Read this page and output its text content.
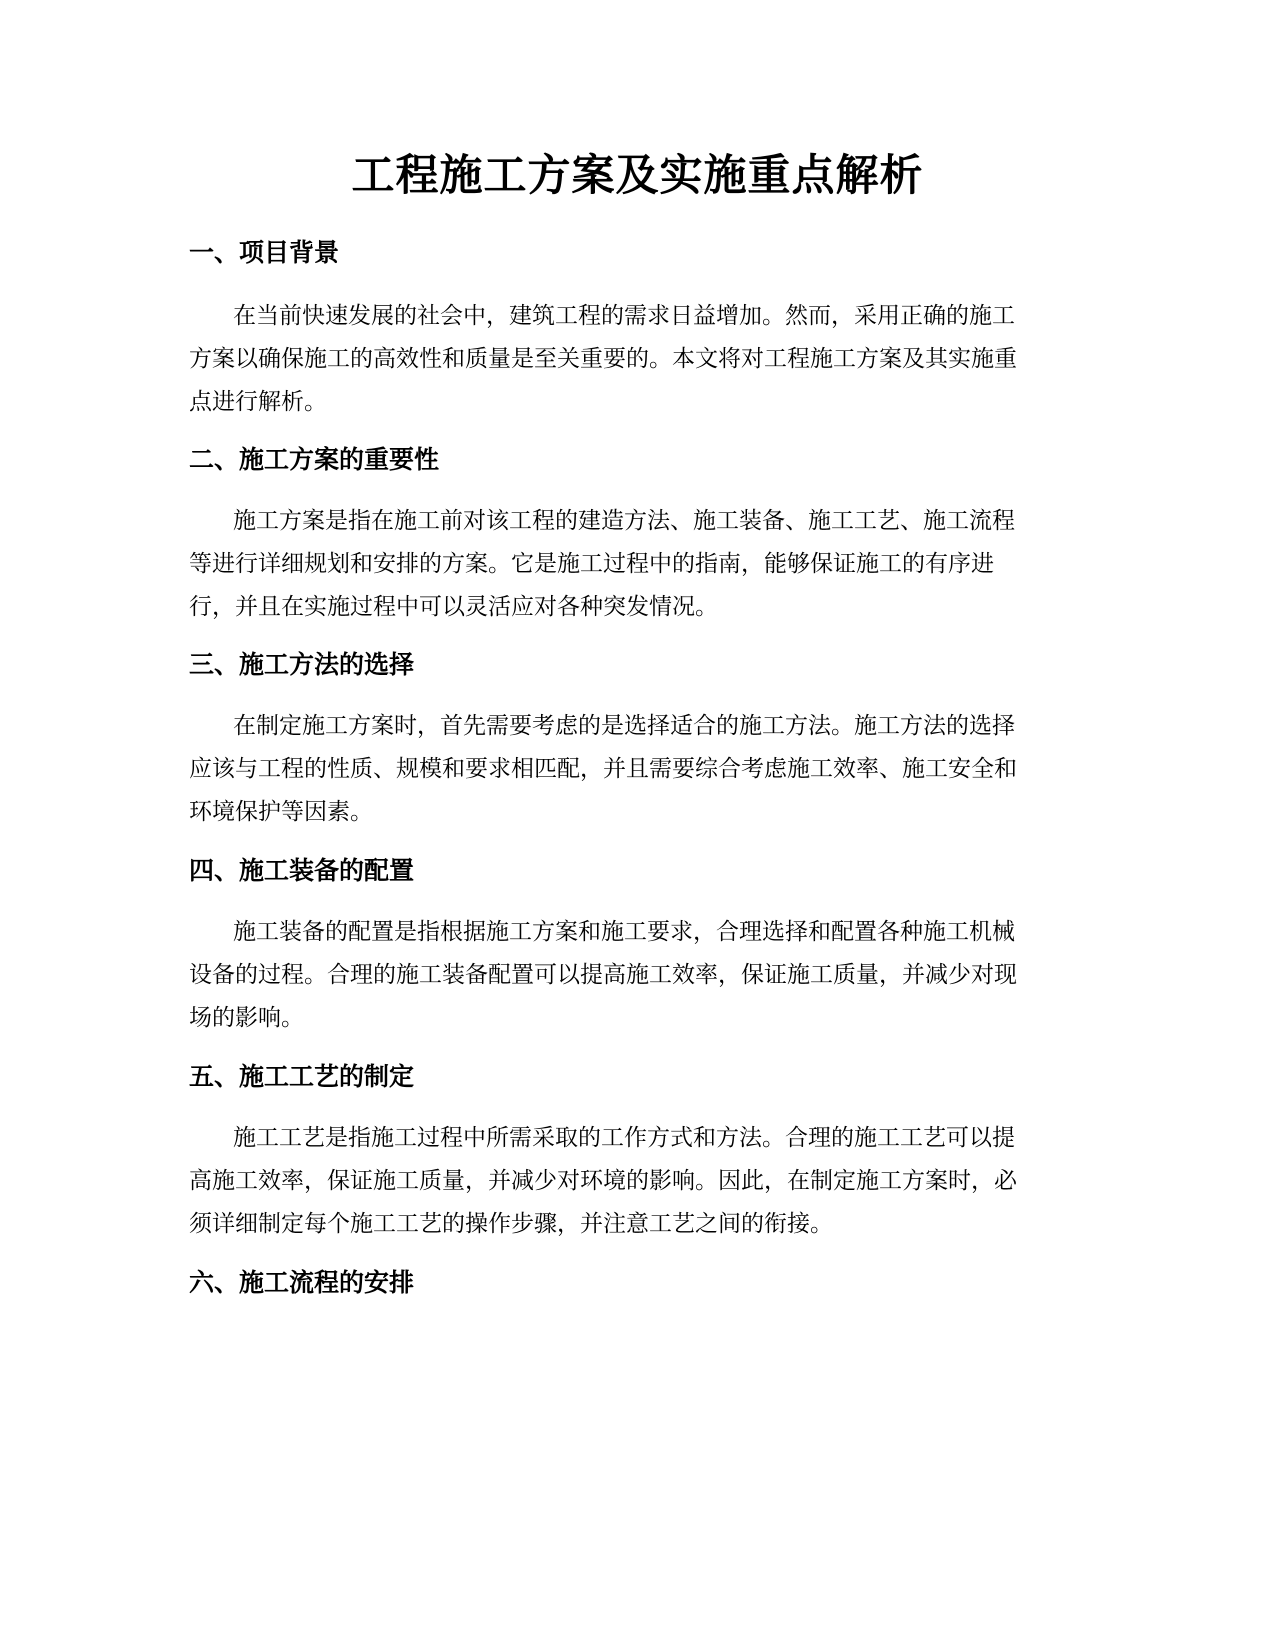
工程施工方案及实施重点解析
一、项目背景
在当前快速发展的社会中，建筑工程的需求日益增加。然而，采用正确的施工
方案以确保施工的高效性和质量是至关重要的。本文将对工程施工方案及其实施重
点进行解析。
二、施工方案的重要性
施工方案是指在施工前对该工程的建造方法、施工装备、施工工艺、施工流程
等进行详细规划和安排的方案。它是施工过程中的指南，能够保证施工的有序进
行，并且在实施过程中可以灵活应对各种突发情况。
三、施工方法的选择
在制定施工方案时，首先需要考虑的是选择适合的施工方法。施工方法的选择
应该与工程的性质、规模和要求相匹配，并且需要综合考虑施工效率、施工安全和
环境保护等因素。
四、施工装备的配置
施工装备的配置是指根据施工方案和施工要求，合理选择和配置各种施工机械
设备的过程。合理的施工装备配置可以提高施工效率，保证施工质量，并减少对现
场的影响。
五、施工工艺的制定
施工工艺是指施工过程中所需采取的工作方式和方法。合理的施工工艺可以提
高施工效率，保证施工质量，并减少对环境的影响。因此，在制定施工方案时，必
须详细制定每个施工工艺的操作步骤，并注意工艺之间的衔接。
六、施工流程的安排
